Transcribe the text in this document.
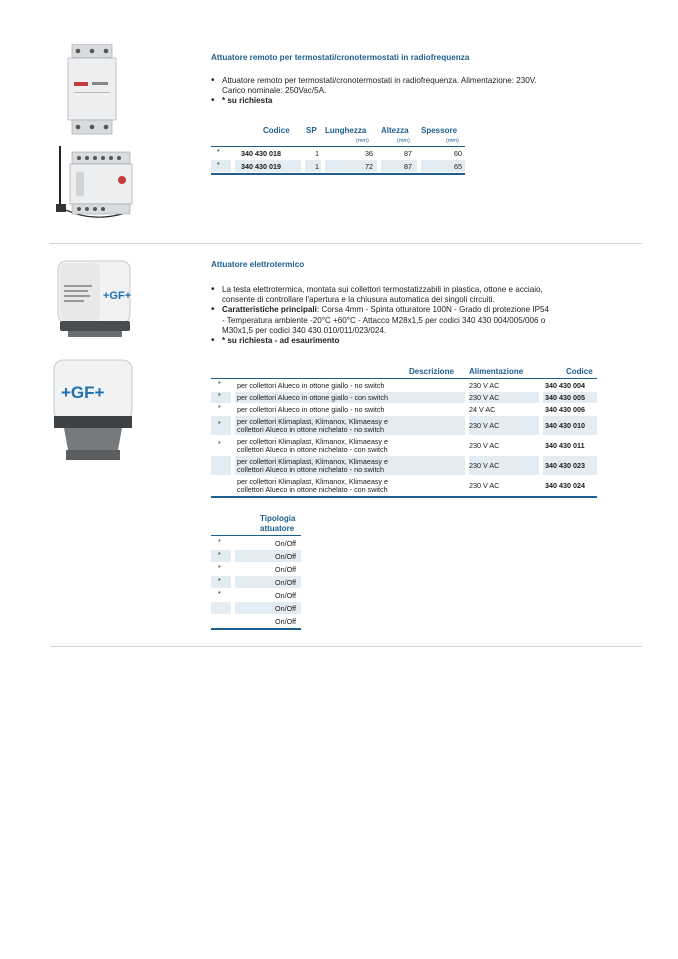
Attuatore remoto per termostati/cronotermostati in radiofrequenza
• Attuatore remoto per termostati/cronotermostati in radiofrequenza. Alimentazione: 230V.
Carico nominale: 250Vac/5A.
• * su richiesta
Codice SP Lunghezza Altezza Spessore
(mm)	(mm)	(mm)
*	340 430 018	1	36	87	60
*	340 430 019	1	72	87	65
+GF+
+GF+
Attuatore elettrotermico
• La testa elettrotermica, montata sui collettori termostatizzabili in plastica, ottone e acciaio,
consente di controllare l'apertura e la chiusura automatica dei singoli circuiti.
• Caratteristiche principali: Corsa 4mm - Spinta otturatore 100N - Grado di protezione IP54
- Temperatura ambiente -20°C +60°C - Attacco M28x1,5 per codici 340 430 004/005/006 o
M30x1,5 per codici 340 430 010/011/023/024.
• * su richiesta - ad esaurimento
Descrizione Alimentazione	Codice
* per collettori Alueco in ottone giallo - no switch	230 V AC	340 430 004
* per collettori Alueco in ottone giallo - con switch	230 V AC	340 430 005
* per collettori Alueco in ottone giallo - no switch	24 V AC	340 430 006
* per collettori Klimaplast, Klimanox, Klimaeasy e
collettori Alueco in ottone nichelato - no switch	230 V AC	340 430 010
* per collettori Klimaplast, Klimanox, Klimaeasy e
collettori Alueco in ottone nichelato - con switch	230 V AC	340 430 011
per collettori Klimaplast, Klimanox, Klimaeasy e
collettori Alueco in ottone nichelato - no switch	230 V AC	340 430 023
per collettori Klimaplast, Klimanox, Klimaeasy e
collettori Alueco in ottone nichelato - con switch	230 V AC	340 430 024
Tipologia
attuatore
*	On/Off
*	On/Off
*	On/Off
*	On/Off
*	On/Off
On/Off
On/Off
